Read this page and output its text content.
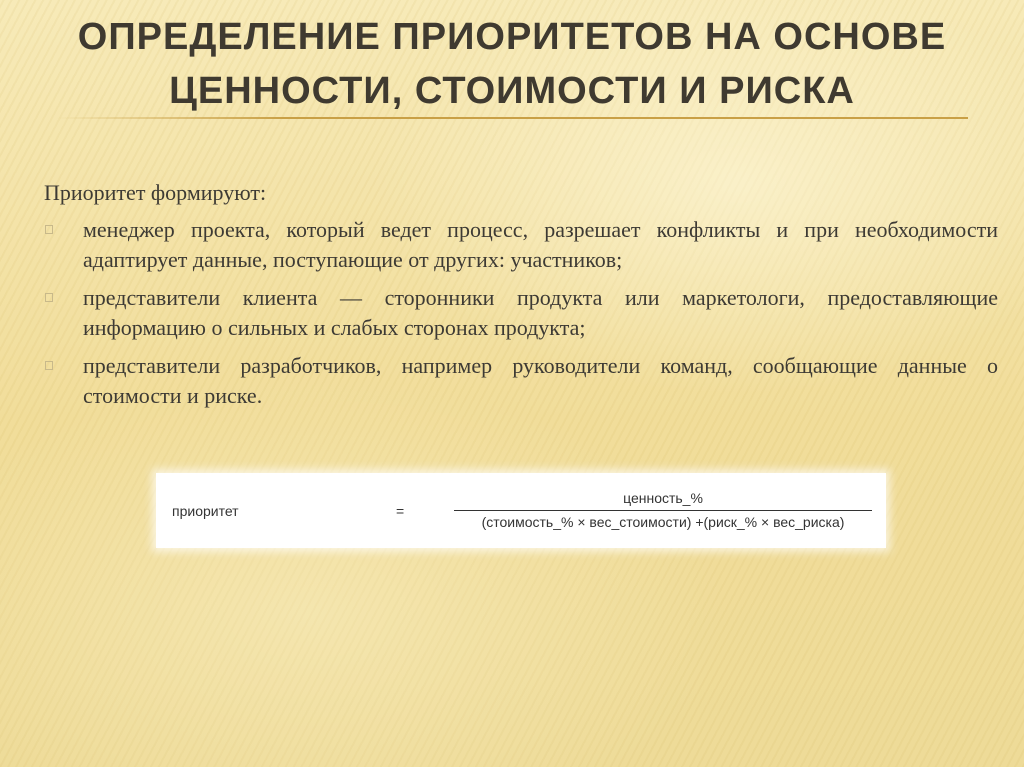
ОПРЕДЕЛЕНИЕ ПРИОРИТЕТОВ НА ОСНОВЕ
ЦЕННОСТИ, СТОИМОСТИ И РИСКА

Приоритет формируют:

менеджер проекта, который ведет процесс, разрешает конфликты и при необходимости адаптирует данные, поступающие от других: участников;
представители клиента — сторонники продукта или маркетологи, предоставляющие информацию о сильных и слабых сторонах продукта;
представители разработчиков, например руководители команд, сообщающие данные о стоимости и риске.
приоритет	=
ценность_%
(стоимость_% × вес_стоимости) +(риск_% × вес_риска)
